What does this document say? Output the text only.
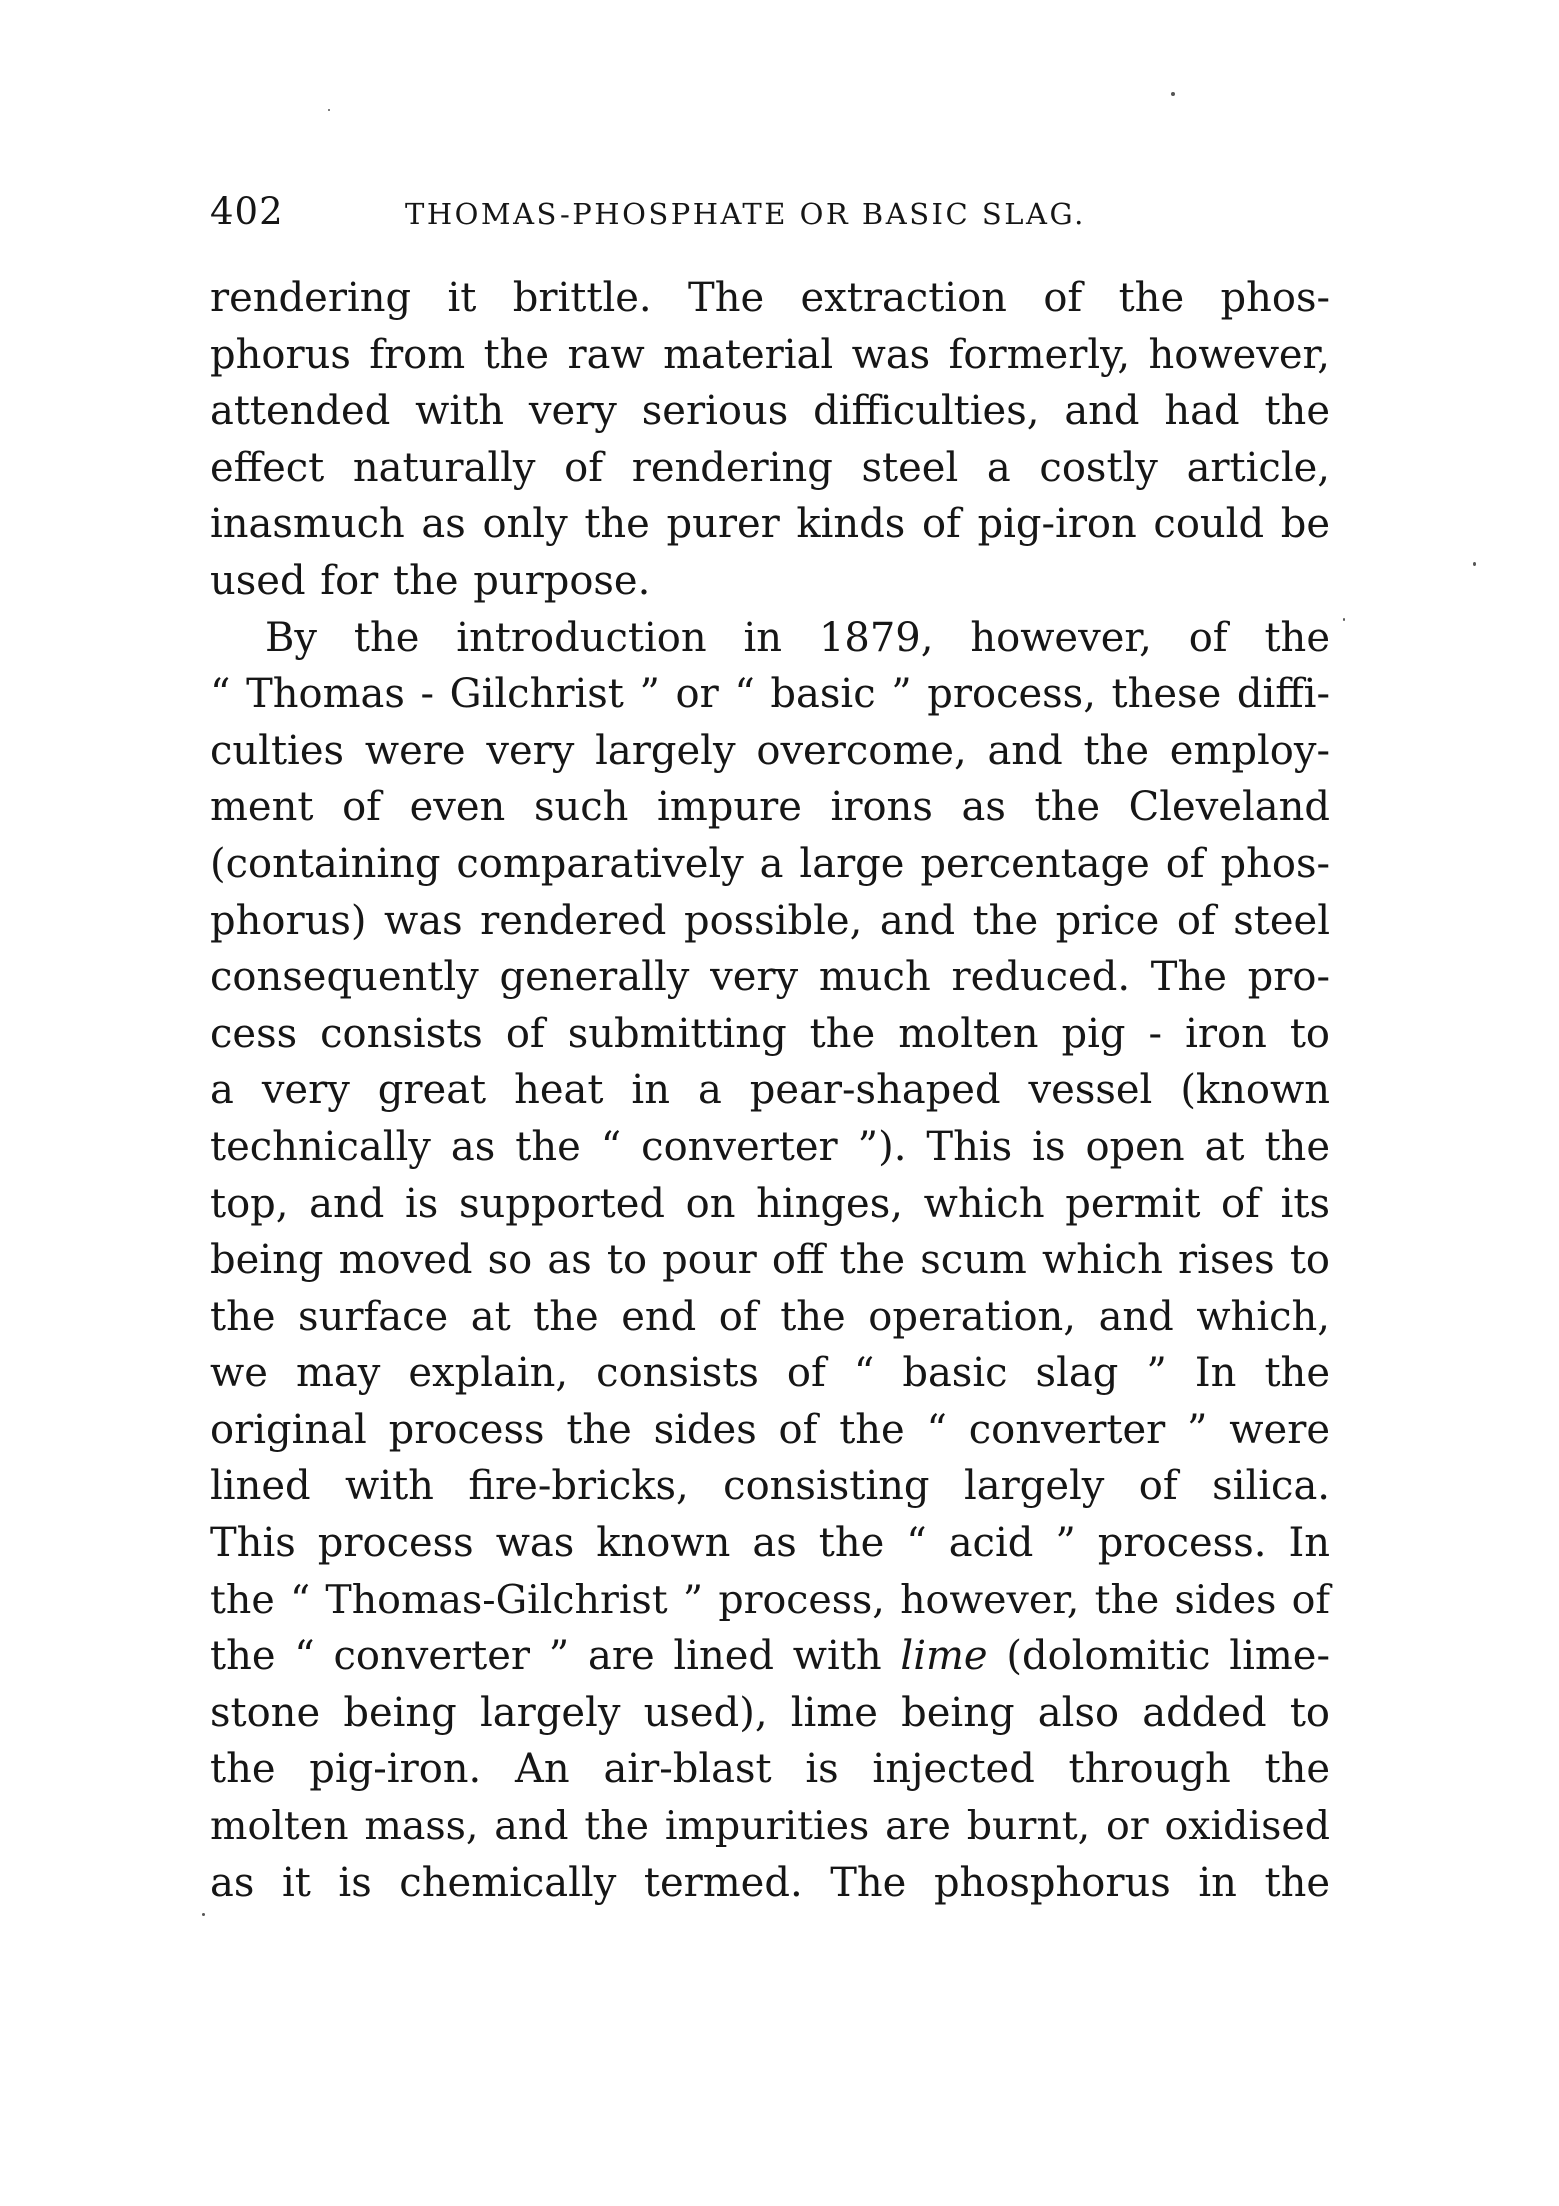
402	THOMAS-PHOSPHATE OR BASIC SLAG.
rendering it brittle. The extraction of the phos-
phorus from the raw material was formerly, however,
attended with very serious difficulties, and had the
effect naturally of rendering steel a costly article,
inasmuch as only the purer kinds of pig-iron could be
used for the purpose.
By the introduction in 1879, however, of the
“ Thomas - Gilchrist ” or “ basic ” process, these diffi-
culties were very largely overcome, and the employ-
ment of even such impure irons as the Cleveland
(containing comparatively a large percentage of phos-
phorus) was rendered possible, and the price of steel
consequently generally very much reduced. The pro-
cess consists of submitting the molten pig - iron to
a very great heat in a pear-shaped vessel (known
technically as the “ converter ”). This is open at the
top, and is supported on hinges, which permit of its
being moved so as to pour off the scum which rises to
the surface at the end of the operation, and which,
we may explain, consists of “ basic slag ” In the
original process the sides of the “ converter ” were
lined with fire-bricks, consisting largely of silica.
This process was known as the “ acid ” process. In
the “ Thomas-Gilchrist ” process, however, the sides of
the “ converter ” are lined with lime (dolomitic lime-
stone being largely used), lime being also added to
the pig-iron. An air-blast is injected through the
molten mass, and the impurities are burnt, or oxidised
as it is chemically termed. The phosphorus in the
